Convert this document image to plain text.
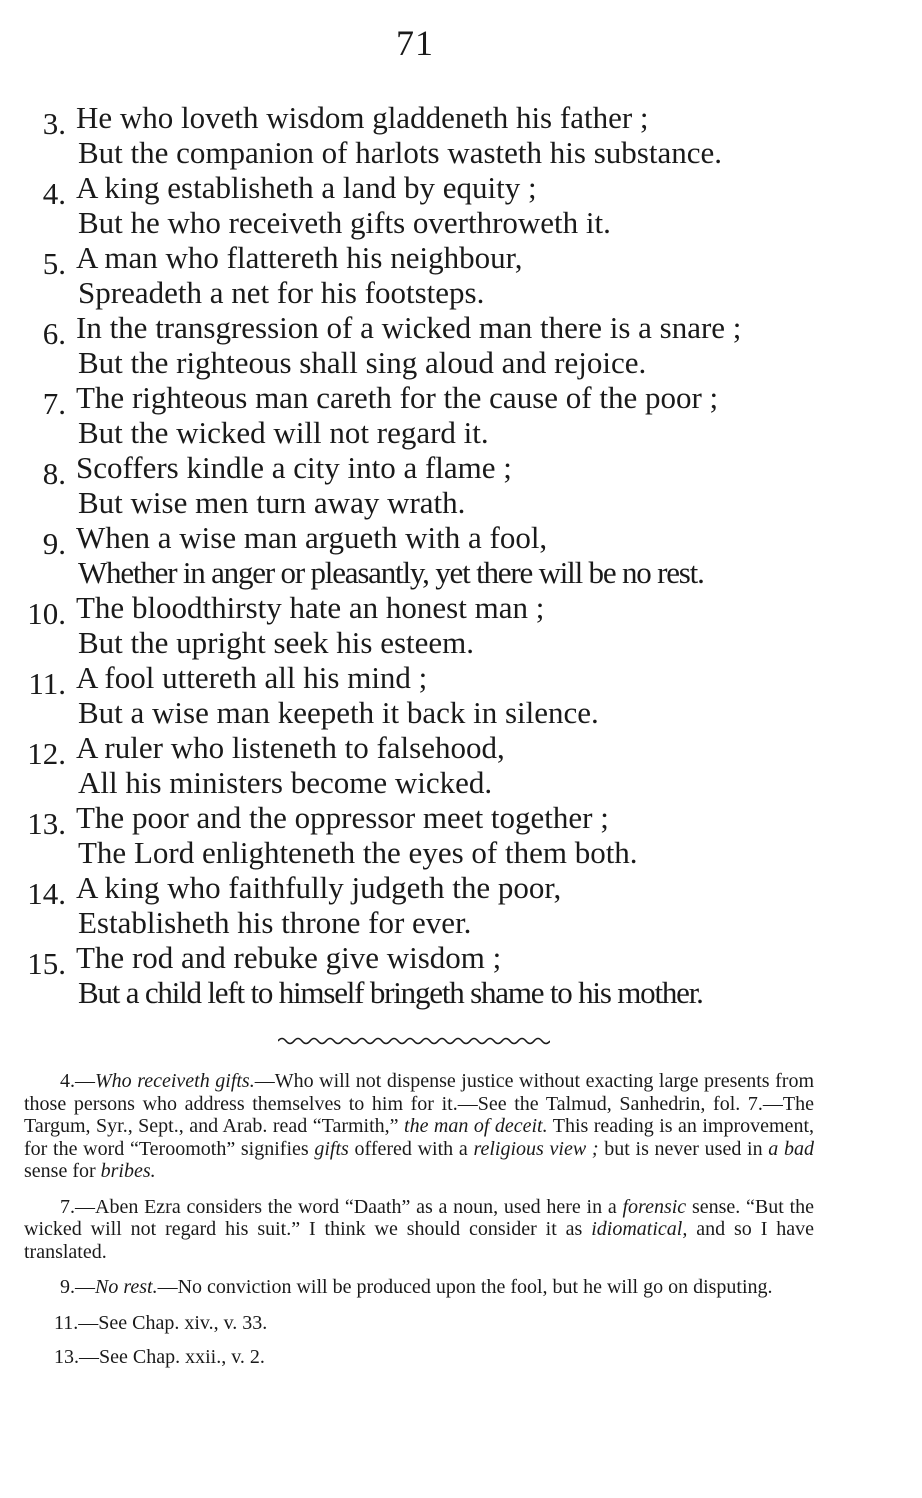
71
3. He who loveth wisdom gladdeneth his father ;
But the companion of harlots wasteth his substance.
4. A king establisheth a land by equity ;
But he who receiveth gifts overthroweth it.
5. A man who flattereth his neighbour,
Spreadeth a net for his footsteps.
6. In the transgression of a wicked man there is a snare ;
But the righteous shall sing aloud and rejoice.
7. The righteous man careth for the cause of the poor ;
But the wicked will not regard it.
8. Scoffers kindle a city into a flame ;
But wise men turn away wrath.
9. When a wise man argueth with a fool,
Whether in anger or pleasantly, yet there will be no rest.
10. The bloodthirsty hate an honest man ;
But the upright seek his esteem.
11. A fool uttereth all his mind ;
But a wise man keepeth it back in silence.
12. A ruler who listeneth to falsehood,
All his ministers become wicked.
13. The poor and the oppressor meet together ;
The Lord enlighteneth the eyes of them both.
14. A king who faithfully judgeth the poor,
Establisheth his throne for ever.
15. The rod and rebuke give wisdom ;
But a child left to himself bringeth shame to his mother.

4.—Who receiveth gifts.—Who will not dispense justice without exacting large presents from those persons who address themselves to him for it.—See the Talmud, Sanhedrin, fol. 7.—The Targum, Syr., Sept., and Arab. read “Tarmith,” the man of deceit. This reading is an improvement, for the word “Teroomoth” signifies gifts offered with a religious view ; but is never used in a bad sense for bribes.

7.—Aben Ezra considers the word “Daath” as a noun, used here in a forensic sense. “But the wicked will not regard his suit.” I think we should consider it as idiomatical, and so I have translated.

9.—No rest.—No conviction will be produced upon the fool, but he will go on disputing.

11.—See Chap. xiv., v. 33.

13.—See Chap. xxii., v. 2.
